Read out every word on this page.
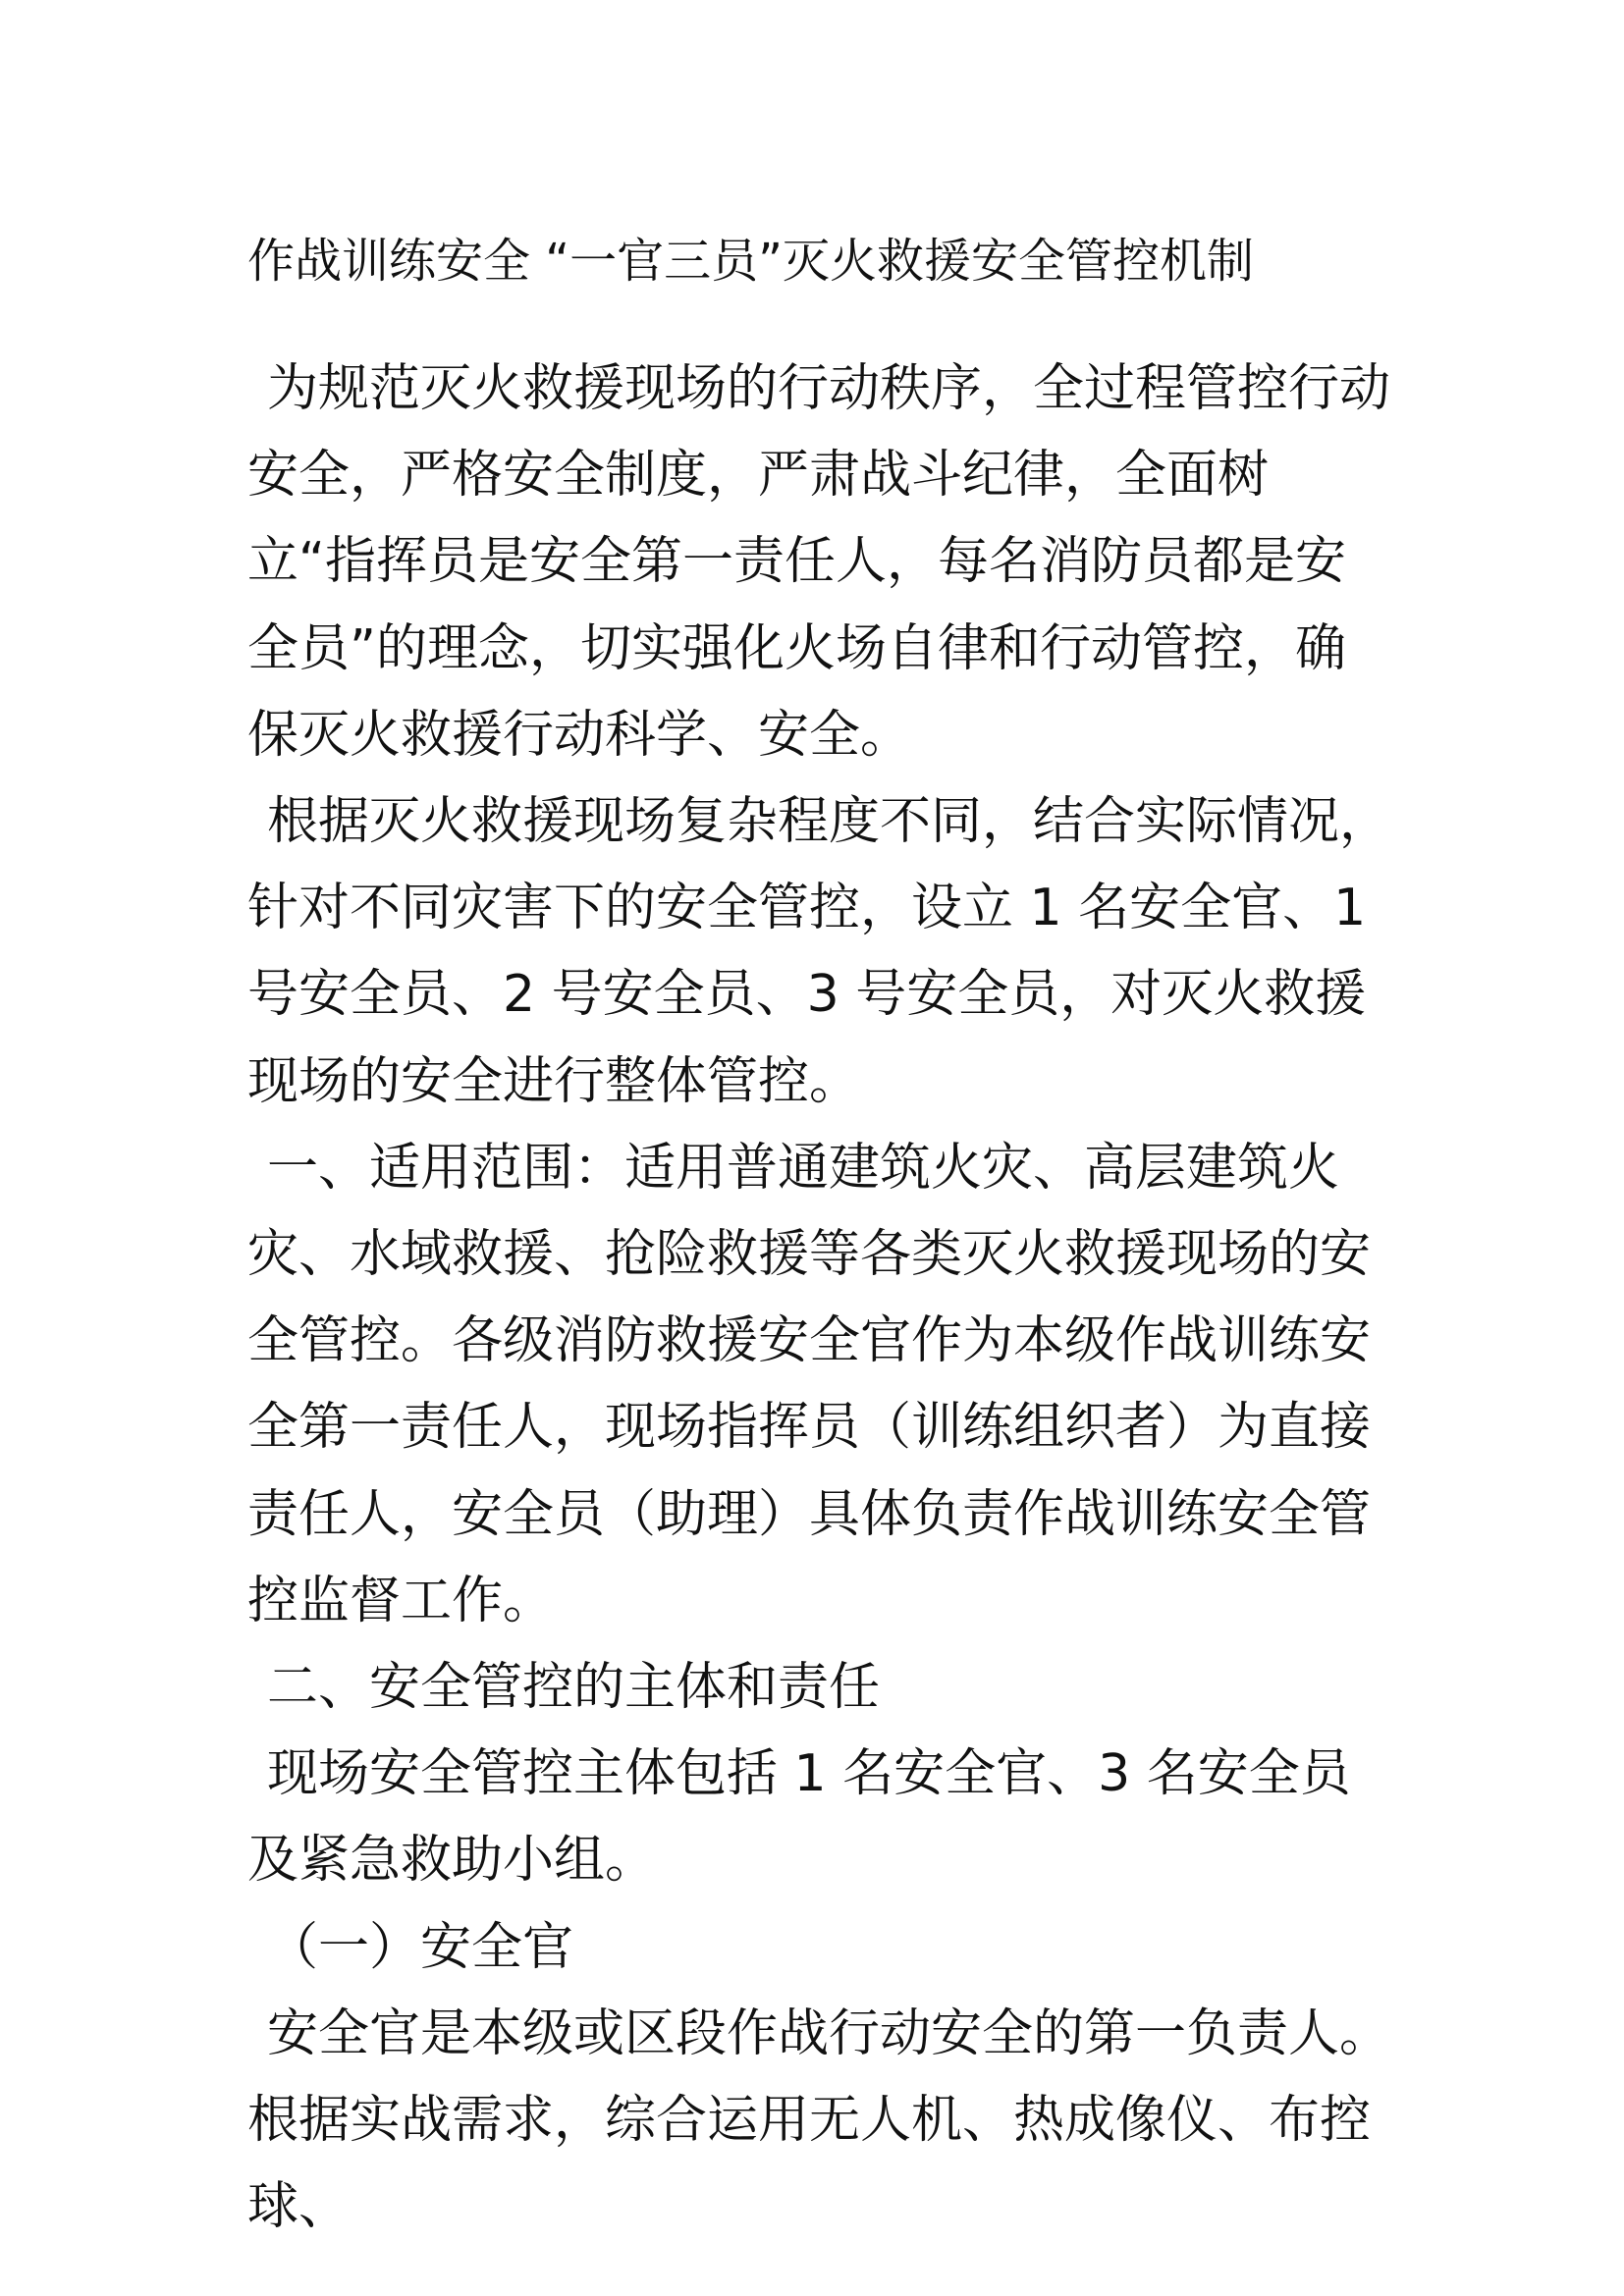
作战训练安全 “一官三员”灭火救援安全管控机制

为规范灭火救援现场的行动秩序，全过程管控行动安全，严格安全制度，严肃战斗纪律，全面树立“指挥员是安全第一责任人，每名消防员都是安全员”的理念，切实强化火场自律和行动管控，确保灭火救援行动科学、安全。

根据灭火救援现场复杂程度不同，结合实际情况，针对不同灾害下的安全管控，设立 1 名安全官、1 号安全员、2 号安全员、3 号安全员，对灭火救援现场的安全进行整体管控。

一、适用范围：适用普通建筑火灾、高层建筑火灾、水域救援、抢险救援等各类灭火救援现场的安全管控。各级消防救援安全官作为本级作战训练安全第一责任人，现场指挥员（训练组织者）为直接责任人，安全员（助理）具体负责作战训练安全管控监督工作。

二、安全管控的主体和责任

现场安全管控主体包括 1 名安全官、3 名安全员及紧急救助小组。

（一）安全官

安全官是本级或区段作战行动安全的第一负责人。根据实战需求，综合运用无人机、热成像仪、布控球、
